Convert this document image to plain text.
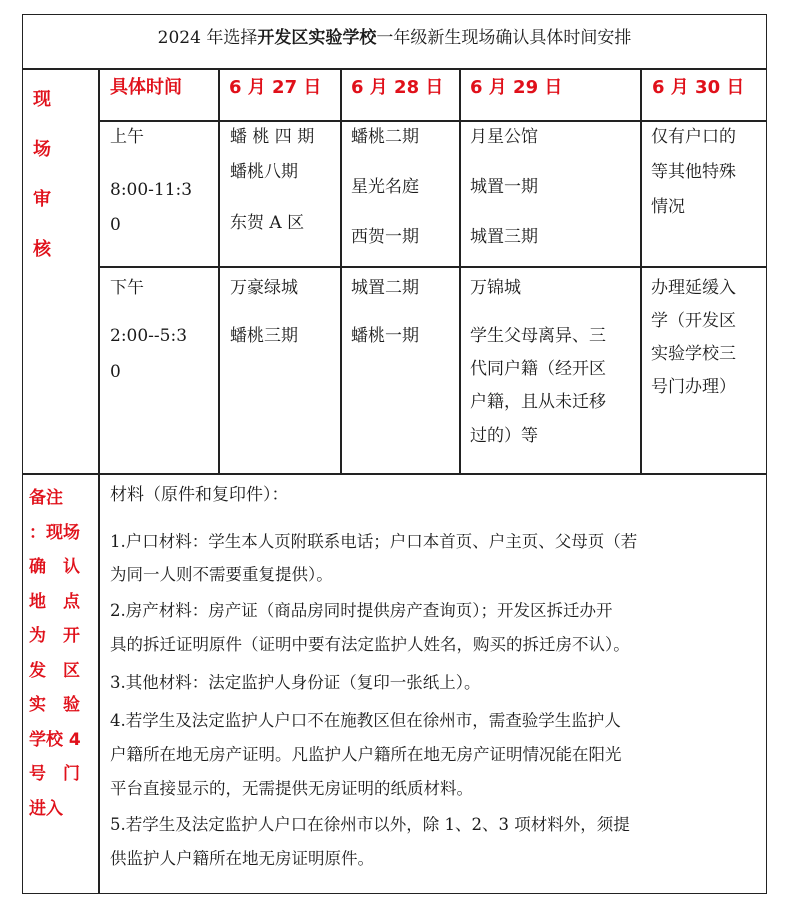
2024 年选择开发区实验学校一年级新生现场确认具体时间安排
现
场
审
核
具体时间	6 月 27 日 6 月 28 日 6 月 29 日	6 月 30 日
上午
8:00-11:3
0
蟠 桃 四 期
蟠桃八期
东贺 A 区
蟠桃二期
星光名庭
西贺一期
月星公馆
城置一期
城置三期
仅有户口的
等其他特殊
情况
下午
2:00--5:3
0
万豪绿城
蟠桃三期
城置二期
蟠桃一期
万锦城
学生父母离异、三
代同户籍（经开区
户籍，且从未迁移
过的）等
办理延缓入
学（开发区
实验学校三
号门办理）
备注
：现场
确　认
地　点
为　开
发　区
实　验
学校 4
号　门
进入
材料（原件和复印件）：
1.户口材料：学生本人页附联系电话；户口本首页、户主页、父母页（若
为同一人则不需要重复提供）。
2.房产材料：房产证（商品房同时提供房产查询页）；开发区拆迁办开
具的拆迁证明原件（证明中要有法定监护人姓名，购买的拆迁房不认）。
3.其他材料：法定监护人身份证（复印一张纸上）。
4.若学生及法定监护人户口不在施教区但在徐州市，需查验学生监护人
户籍所在地无房产证明。凡监护人户籍所在地无房产证明情况能在阳光
平台直接显示的，无需提供无房证明的纸质材料。
5.若学生及法定监护人户口在徐州市以外，除 1、2、3 项材料外，须提
供监护人户籍所在地无房证明原件。
